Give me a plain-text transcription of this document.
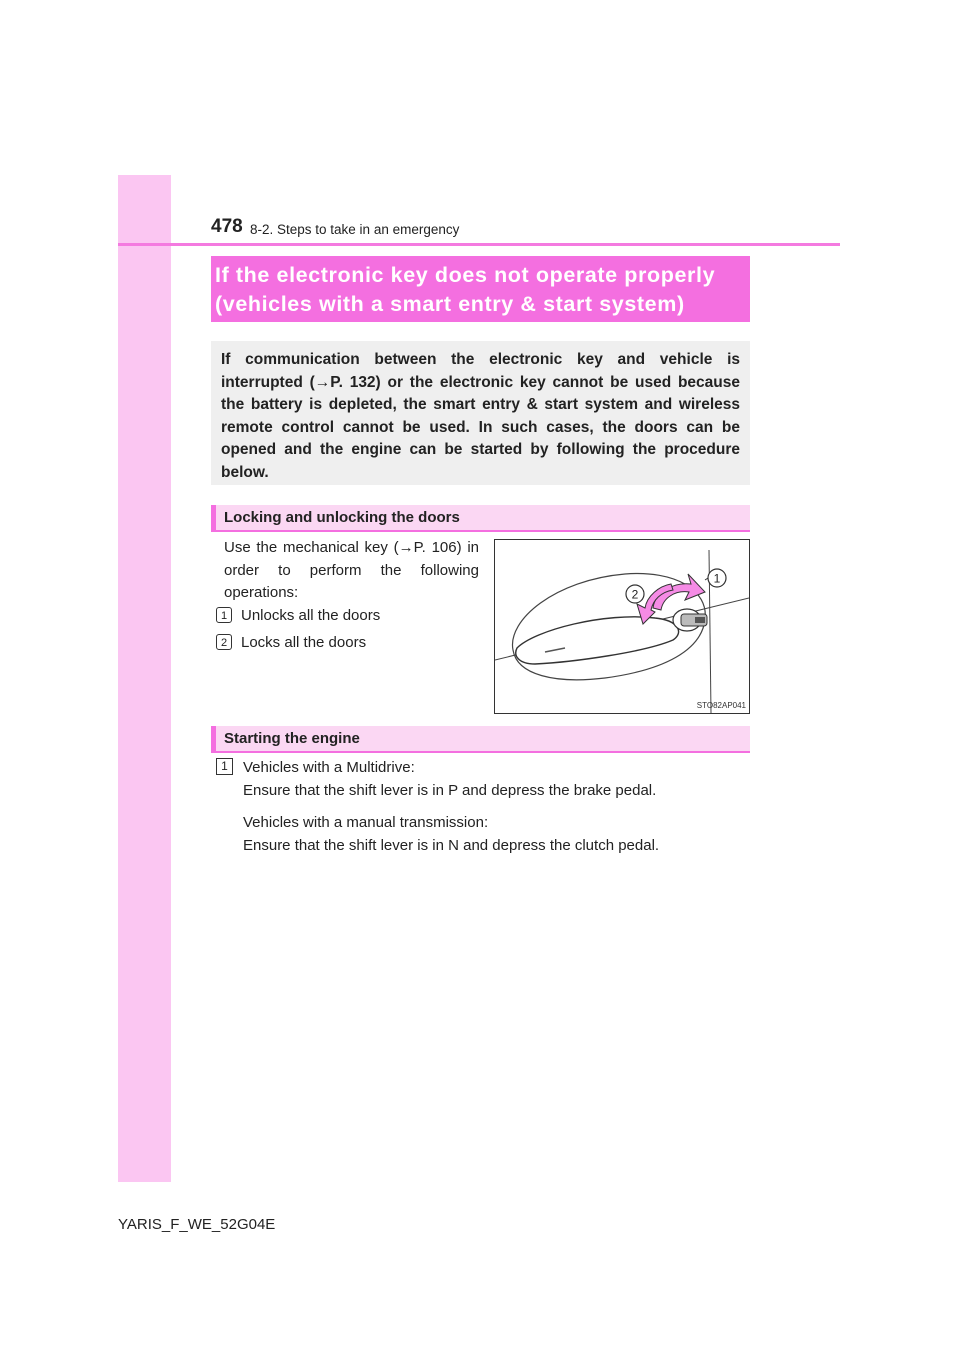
478 8-2. Steps to take in an emergency
If the electronic key does not operate properly
(vehicles with a smart entry & start system)
If communication between the electronic key and vehicle is interrupted (→P. 132) or the electronic key cannot be used because the battery is depleted, the smart entry & start system and wireless remote control cannot be used. In such cases, the doors can be opened and the engine can be started by following the procedure below.
Locking and unlocking the doors
Use the mechanical key (→P. 106) in order to perform the following operations:
1 Unlocks all the doors
2 Locks all the doors
1
2
STO82AP041
Starting the engine
1	Vehicles with a Multidrive:
Ensure that the shift lever is in P and depress the brake pedal.

Vehicles with a manual transmission:
Ensure that the shift lever is in N and depress the clutch pedal.

YARIS_F_WE_52G04E
